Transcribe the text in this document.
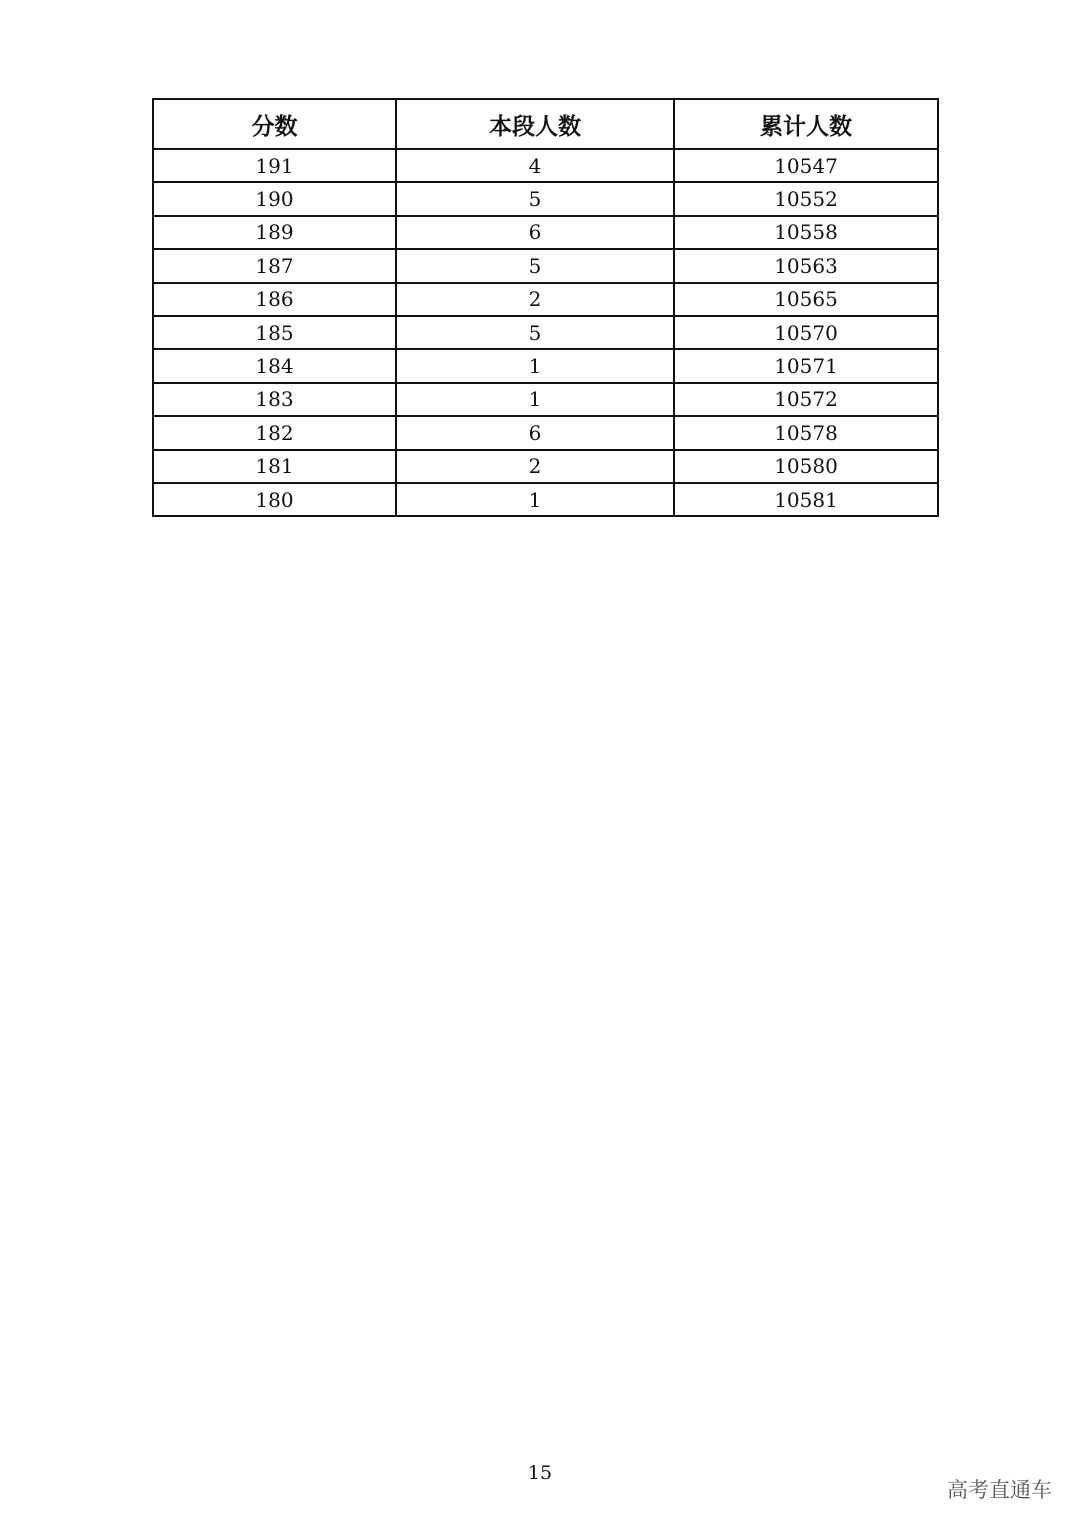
分数	本段人数	累计人数
191	4	10547
190	5	10552
189	6	10558
187	5	10563
186	2	10565
185	5	10570
184	1	10571
183	1	10572
182	6	10578
181	2	10580
180	1	10581
15
高考直通车
